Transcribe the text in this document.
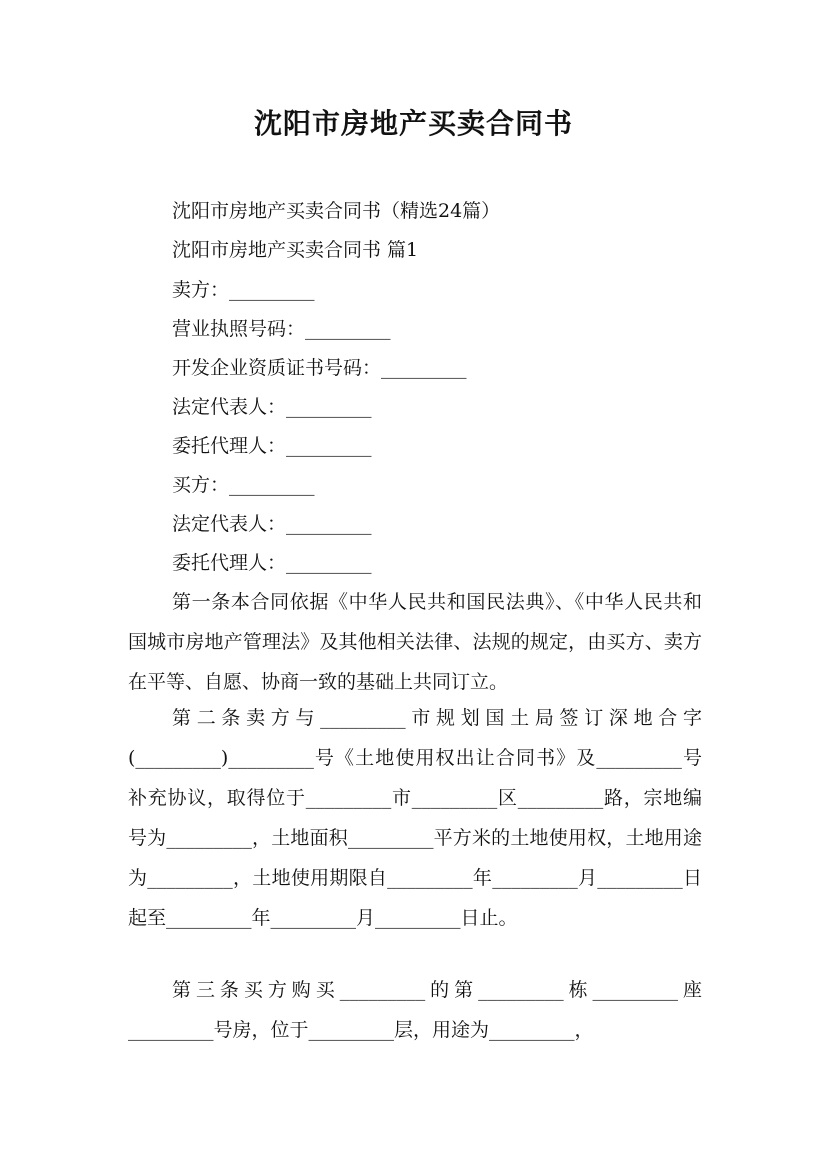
沈阳市房地产买卖合同书
沈阳市房地产买卖合同书（精选24篇）
沈阳市房地产买卖合同书 篇1
卖方：_________
营业执照号码：_________
开发企业资质证书号码：_________
法定代表人：_________
委托代理人：_________
买方：_________
法定代表人：_________
委托代理人：_________
第一条本合同依据《中华人民共和国民法典》、《中华人民共和国城市房地产管理法》及其他相关法律、法规的规定，由买方、卖方在平等、自愿、协商一致的基础上共同订立。
第二条卖方与_________市规划国土局签订深地合字(_________)_________号《土地使用权出让合同书》及_________号补充协议，取得位于_________市_________区_________路，宗地编号为_________，土地面积_________平方米的土地使用权，土地用途为_________，土地使用期限自_________年_________月_________日起至_________年_________月_________日止。
第三条买方购买_________的第_________栋_________座_________号房，位于_________层，用途为_________，
